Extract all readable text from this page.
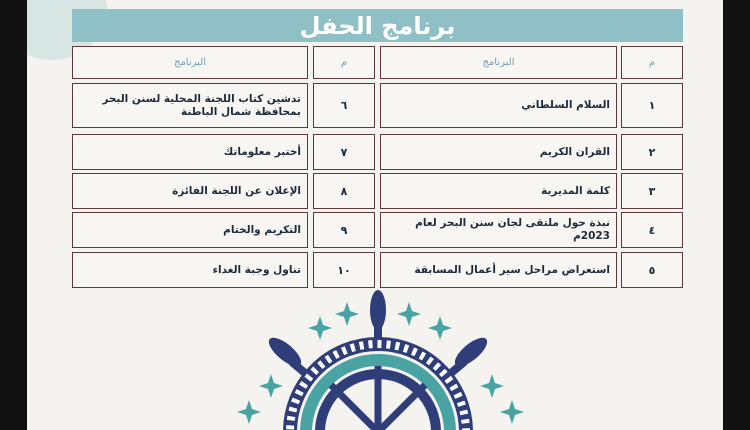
برنامج الحفل
م
البرنامج
١
السلام السلطاني
٢
القران الكريم
٣
كلمة المديرية
٤
نبذة حول ملتقى لجان سنن البحر لعام 2023م
٥
استعراض مراحل سير أعمال المسابقة
م
البرنامج
٦
تدشين كتاب اللجنة المحلية لسنن البحر بمحافظة شمال الباطنة
٧
أختبر معلوماتك
٨
الإعلان عن اللجنة الفائزة
٩
التكريم والختام
١٠
تناول وجبة الغداء
